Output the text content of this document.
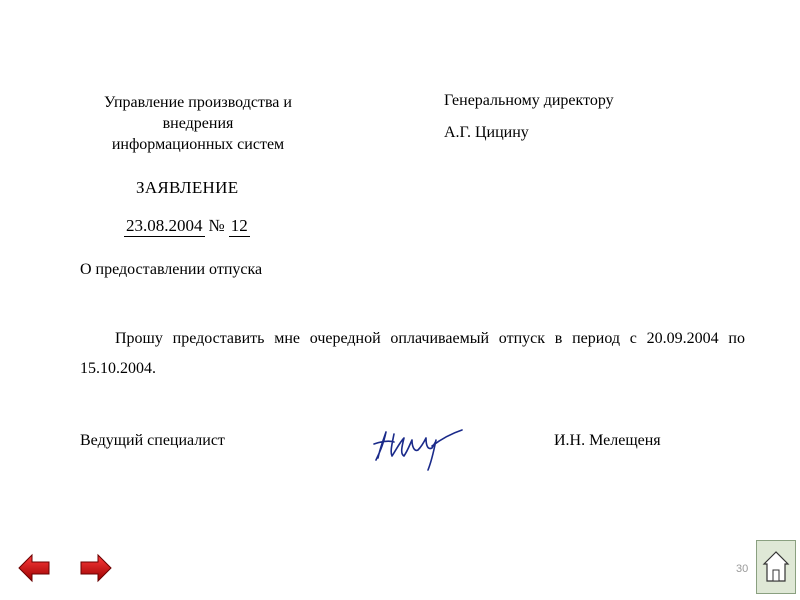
Управление производства и
внедрения
информационных систем
Генеральному директору
А.Г. Цицину
ЗАЯВЛЕНИЕ
23.08.2004 № 12
О предоставлении отпуска
Прошу предоставить мне очередной оплачиваемый отпуск в период с 20.09.2004 по 15.10.2004.
Ведущий специалист	И.Н. Мелещеня
30
